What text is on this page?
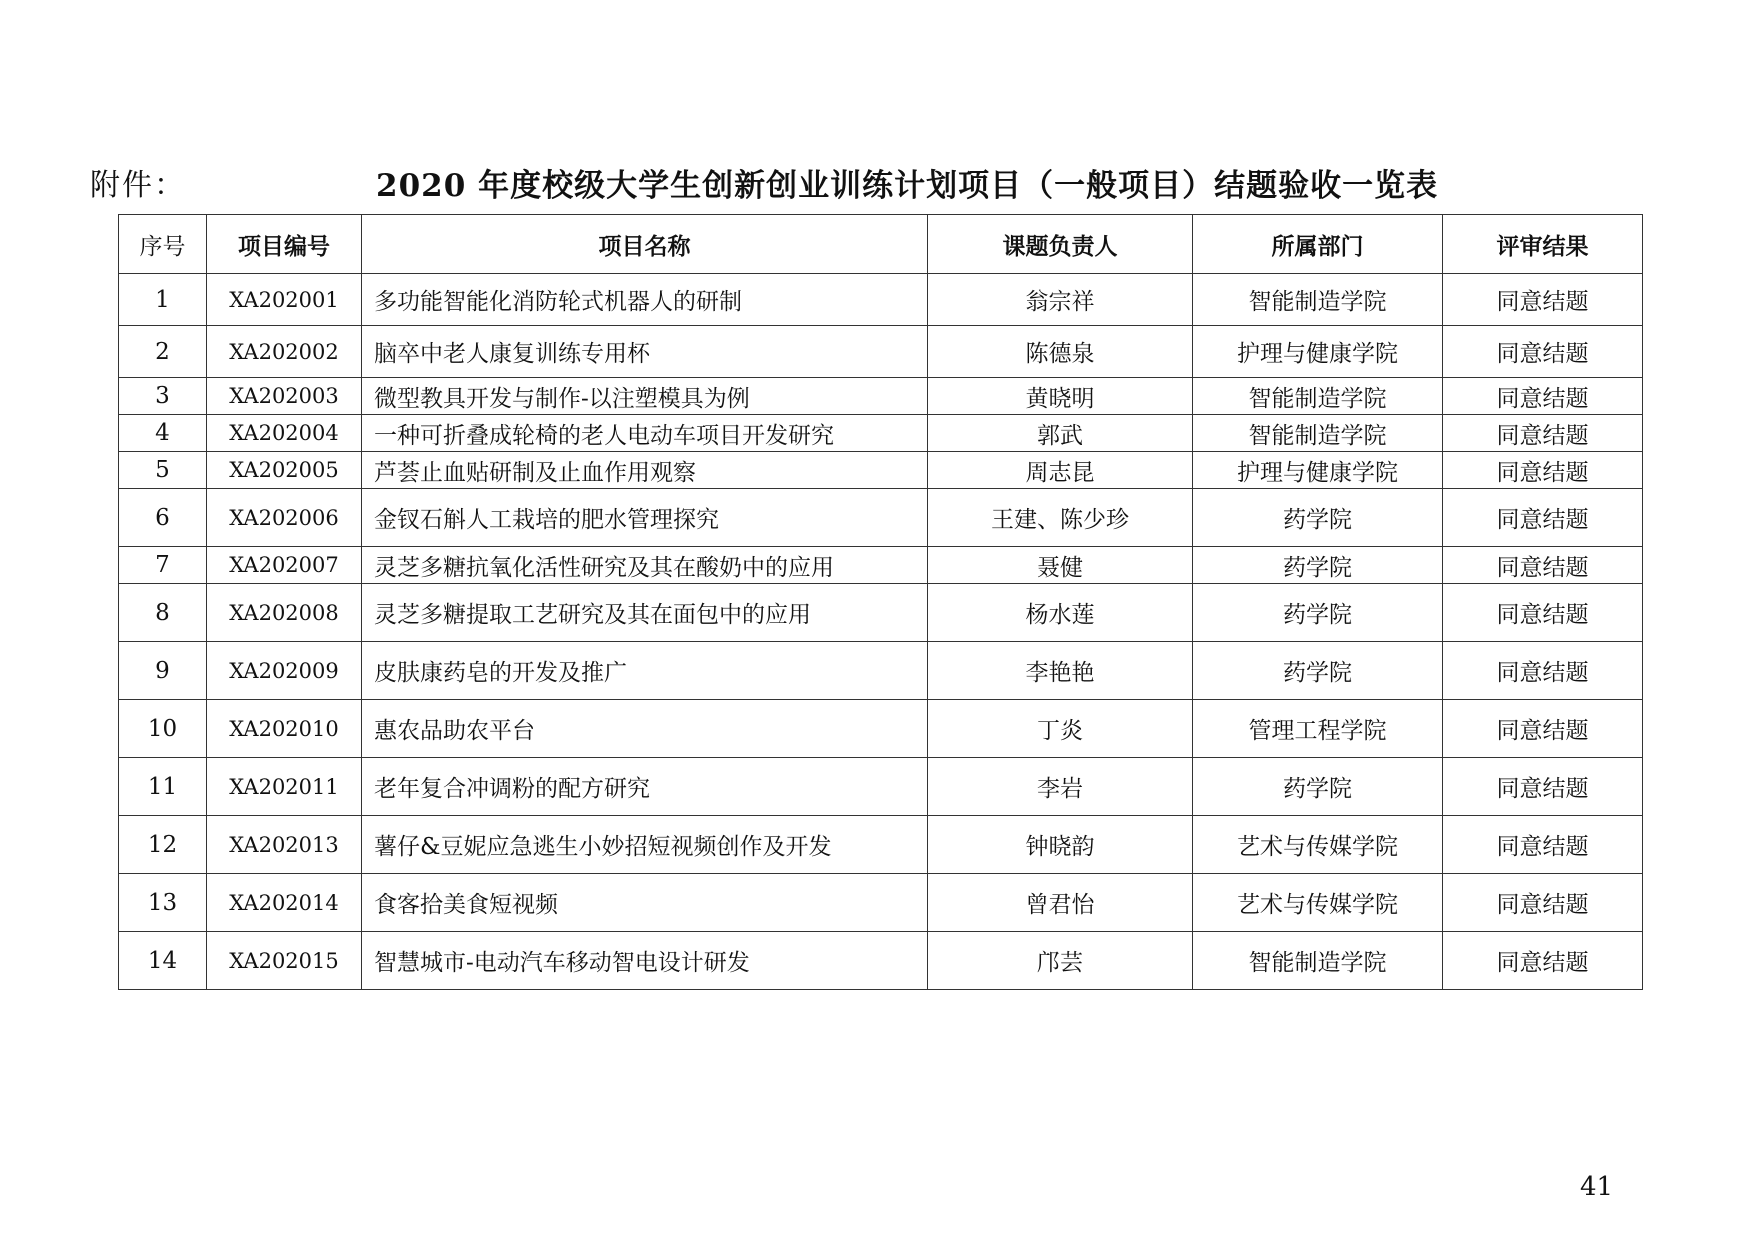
附件：	2020 年度校级大学生创新创业训练计划项目（一般项目）结题验收一览表
序号	项目编号	项目名称	课题负责人	所属部门	评审结果
1	XA202001	多功能智能化消防轮式机器人的研制	翁宗祥	智能制造学院	同意结题
2	XA202002	脑卒中老人康复训练专用杯	陈德泉	护理与健康学院	同意结题
3	XA202003	微型教具开发与制作-以注塑模具为例	黄晓明	智能制造学院	同意结题
4	XA202004	一种可折叠成轮椅的老人电动车项目开发研究	郭武	智能制造学院	同意结题
5	XA202005	芦荟止血贴研制及止血作用观察	周志昆	护理与健康学院	同意结题
6	XA202006	金钗石斛人工栽培的肥水管理探究	王建、陈少珍	药学院	同意结题
7	XA202007	灵芝多糖抗氧化活性研究及其在酸奶中的应用	聂健	药学院	同意结题
8	XA202008	灵芝多糖提取工艺研究及其在面包中的应用	杨水莲	药学院	同意结题
9	XA202009	皮肤康药皂的开发及推广	李艳艳	药学院	同意结题
10	XA202010	惠农品助农平台	丁炎	管理工程学院	同意结题
11	XA202011	老年复合冲调粉的配方研究	李岩	药学院	同意结题
12	XA202013	薯仔&豆妮应急逃生小妙招短视频创作及开发	钟晓韵	艺术与传媒学院	同意结题
13	XA202014	食客拾美食短视频	曾君怡	艺术与传媒学院	同意结题
14	XA202015	智慧城市-电动汽车移动智电设计研发	邝芸	智能制造学院	同意结题
41
